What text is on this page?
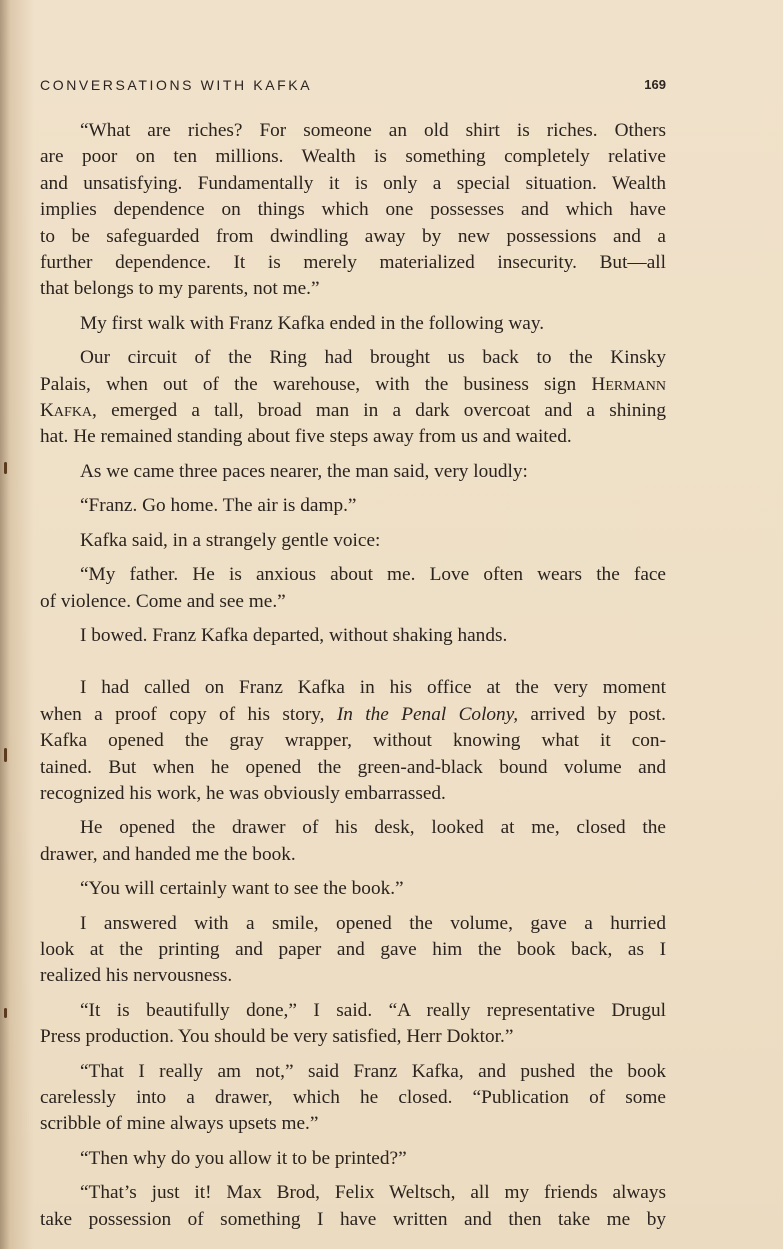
CONVERSATIONS WITH KAFKA	169
“What are riches? For someone an old shirt is riches. Others
are poor on ten millions. Wealth is something completely relative
and unsatisfying. Fundamentally it is only a special situation. Wealth
implies dependence on things which one possesses and which have
to be safeguarded from dwindling away by new possessions and a
further dependence. It is merely materialized insecurity. But—all
that belongs to my parents, not me.”
My first walk with Franz Kafka ended in the following way.
Our circuit of the Ring had brought us back to the Kinsky
Palais, when out of the warehouse, with the business sign Hermann
Kafka, emerged a tall, broad man in a dark overcoat and a shining
hat. He remained standing about five steps away from us and waited.
As we came three paces nearer, the man said, very loudly:
“Franz. Go home. The air is damp.”
Kafka said, in a strangely gentle voice:
“My father. He is anxious about me. Love often wears the face
of violence. Come and see me.”
I bowed. Franz Kafka departed, without shaking hands.
I had called on Franz Kafka in his office at the very moment
when a proof copy of his story, In the Penal Colony, arrived by post.
Kafka opened the gray wrapper, without knowing what it con-
tained. But when he opened the green-and-black bound volume and
recognized his work, he was obviously embarrassed.
He opened the drawer of his desk, looked at me, closed the
drawer, and handed me the book.
“You will certainly want to see the book.”
I answered with a smile, opened the volume, gave a hurried
look at the printing and paper and gave him the book back, as I
realized his nervousness.
“It is beautifully done,” I said. “A really representative Drugul
Press production. You should be very satisfied, Herr Doktor.”
“That I really am not,” said Franz Kafka, and pushed the book
carelessly into a drawer, which he closed. “Publication of some
scribble of mine always upsets me.”
“Then why do you allow it to be printed?”
“That’s just it! Max Brod, Felix Weltsch, all my friends always
take possession of something I have written and then take me by
